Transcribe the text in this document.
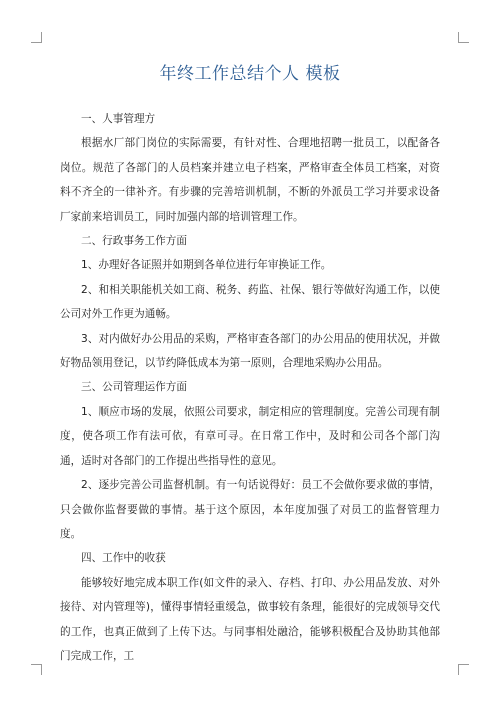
年终工作总结个人 模板

一、人事管理方

根据水厂部门岗位的实际需要，有针对性、合理地招聘一批员工，以配备各岗位。规范了各部门的人员档案并建立电子档案，严格审查全体员工档案，对资料不齐全的一律补齐。有步骤的完善培训机制，不断的外派员工学习并要求设备厂家前来培训员工，同时加强内部的培训管理工作。

二、行政事务工作方面

1、办理好各证照并如期到各单位进行年审换证工作。

2、和相关职能机关如工商、税务、药监、社保、银行等做好沟通工作，以使公司对外工作更为通畅。

3、对内做好办公用品的采购，严格审查各部门的办公用品的使用状况，并做好物品领用登记，以节约降低成本为第一原则，合理地采购办公用品。

三、公司管理运作方面

1、顺应市场的发展，依照公司要求，制定相应的管理制度。完善公司现有制度，使各项工作有法可依，有章可寻。在日常工作中，及时和公司各个部门沟通，适时对各部门的工作提出些指导性的意见。

2、逐步完善公司监督机制。有一句话说得好：员工不会做你要求做的事情，只会做你监督要做的事情。基于这个原因，本年度加强了对员工的监督管理力度。

四、工作中的收获

能够较好地完成本职工作(如文件的录入、存档、打印、办公用品发放、对外接待、对内管理等)，懂得事情轻重缓急，做事较有条理，能很好的完成领导交代的工作，也真正做到了上传下达。与同事相处融洽，能够积极配合及协助其他部门完成工作，工
